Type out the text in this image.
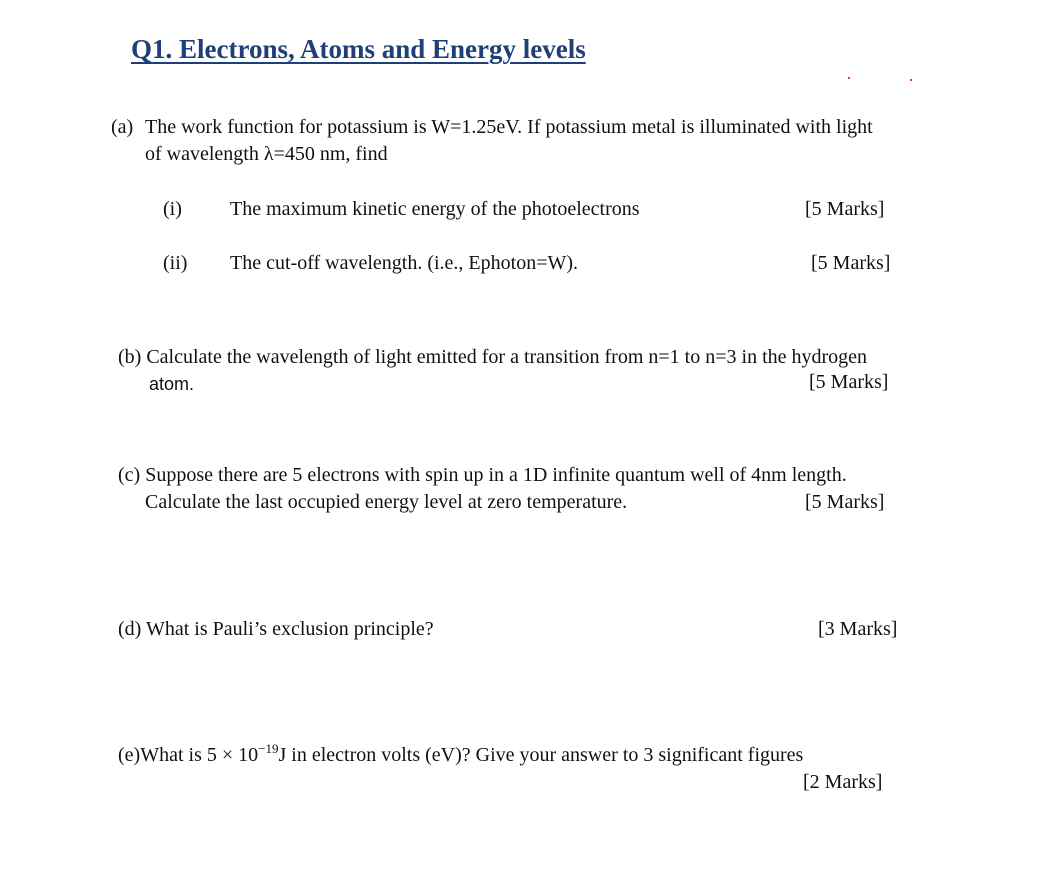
Q1. Electrons, Atoms and Energy levels
(a) The work function for potassium is W=1.25eV. If potassium metal is illuminated with light
of wavelength λ=450 nm, find
(i) The maximum kinetic energy of the photoelectrons	[5 Marks]
(ii) The cut-off wavelength. (i.e., Ephoton=W).	[5 Marks]
(b) Calculate the wavelength of light emitted for a transition from n=1 to n=3 in the hydrogen
atom.	[5 Marks]
(c) Suppose there are 5 electrons with spin up in a 1D infinite quantum well of 4nm length.
Calculate the last occupied energy level at zero temperature.	[5 Marks]
(d) What is Pauli’s exclusion principle?	[3 Marks]
(e)What is $5 \times 10^{-19}J$ in electron volts (eV)? Give your answer to 3 significant figures
[2 Marks]
